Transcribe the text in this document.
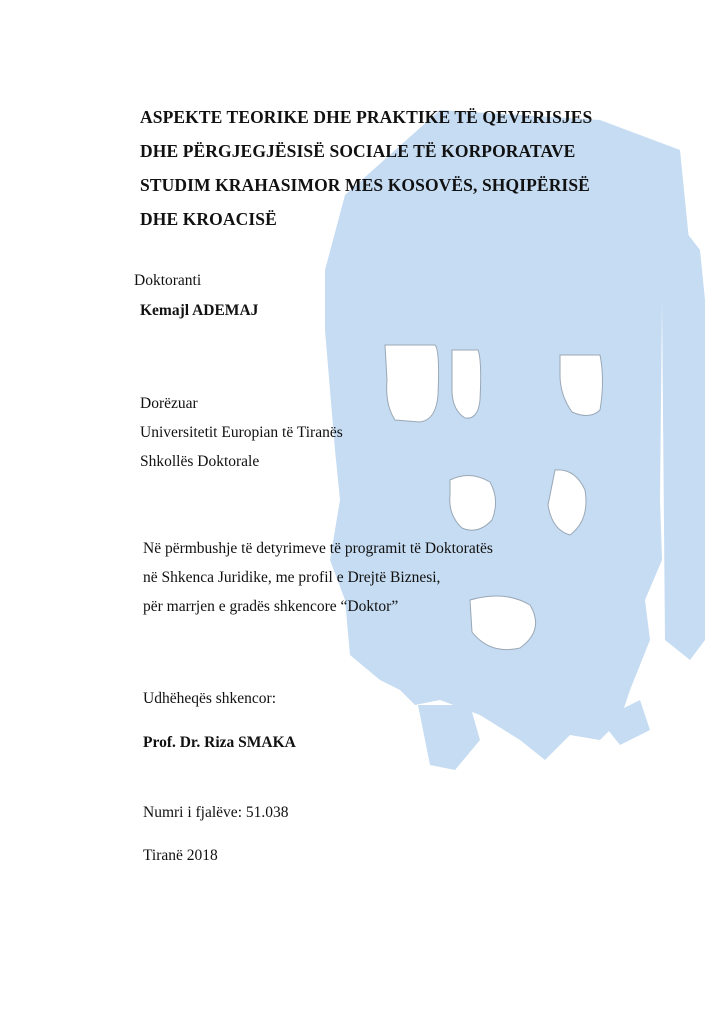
ASPEKTE TEORIKE DHE PRAKTIKE TË QEVERISJES
DHE PËRGJEGJËSISË SOCIALE TË KORPORATAVE
STUDIM KRAHASIMOR MES KOSOVËS, SHQIPËRISË
DHE KROACISË

Doktoranti

Kemajl ADEMAJ

Dorëzuar

Universitetit Europian të Tiranës

Shkollës Doktorale

Në përmbushje të detyrimeve të programit të Doktoratës

në Shkenca Juridike, me profil e Drejtë Biznesi,

për marrjen e gradës shkencore “Doktor”

Udhëheqës shkencor:

Prof. Dr. Riza SMAKA

Numri i fjalëve: 51.038

Tiranë 2018
